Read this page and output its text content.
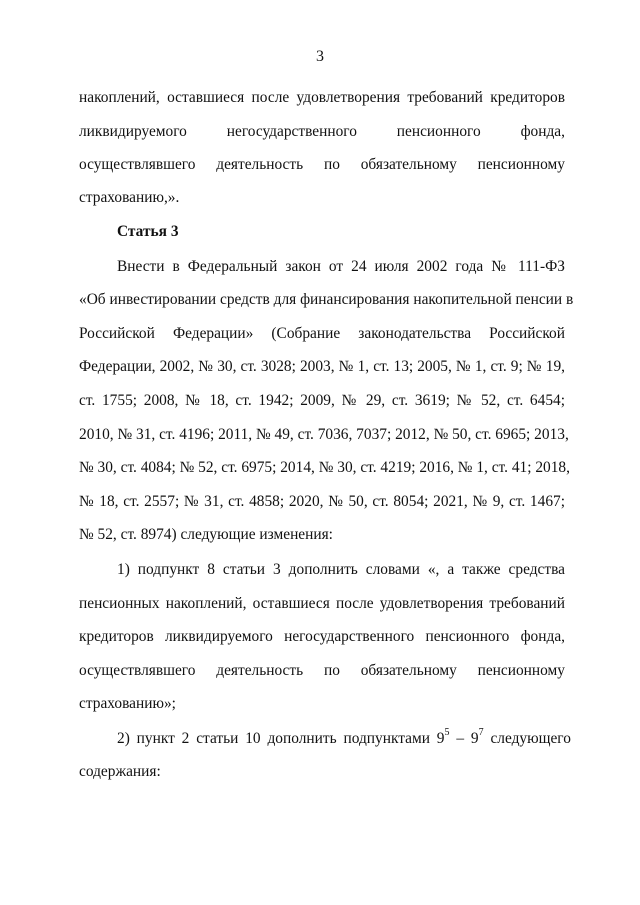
3
накоплений, оставшиеся после удовлетворения требований кредиторов
ликвидируемого негосударственного пенсионного фонда,
осуществлявшего деятельность по обязательному пенсионному
страхованию,».
Статья 3
Внести в Федеральный закон от 24 июля 2002 года № 111-ФЗ
«Об инвестировании средств для финансирования накопительной пенсии в
Российской Федерации» (Собрание законодательства Российской
Федерации, 2002, № 30, ст. 3028; 2003, № 1, ст. 13; 2005, № 1, ст. 9; № 19,
ст. 1755; 2008, № 18, ст. 1942; 2009, № 29, ст. 3619; № 52, ст. 6454;
2010, № 31, ст. 4196; 2011, № 49, ст. 7036, 7037; 2012, № 50, ст. 6965; 2013,
№ 30, ст. 4084; № 52, ст. 6975; 2014, № 30, ст. 4219; 2016, № 1, ст. 41; 2018,
№ 18, ст. 2557; № 31, ст. 4858; 2020, № 50, ст. 8054; 2021, № 9, ст. 1467;
№ 52, ст. 8974) следующие изменения:
1) подпункт 8 статьи 3 дополнить словами «, а также средства
пенсионных накоплений, оставшиеся после удовлетворения требований
кредиторов ликвидируемого негосударственного пенсионного фонда,
осуществлявшего деятельность по обязательному пенсионному
страхованию»;
2) пункт 2 статьи 10 дополнить подпунктами $9^5 - 9^7$ следующего
содержания:
